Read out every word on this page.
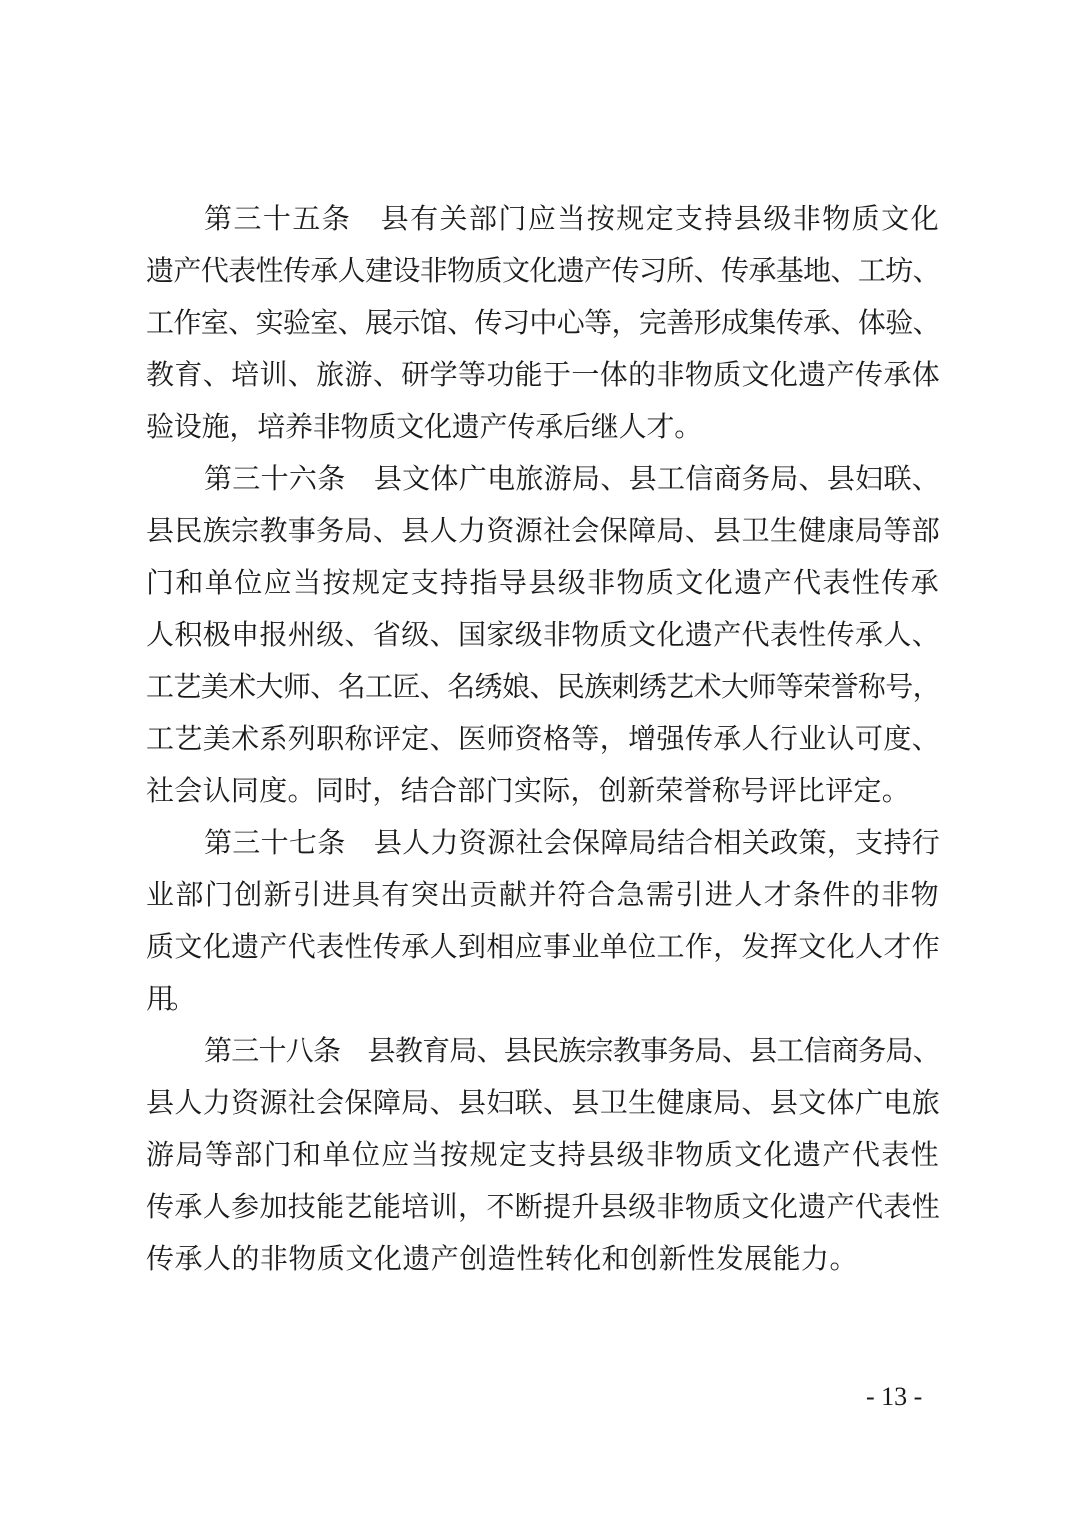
第三十五条　县有关部门应当按规定支持县级非物质文化
遗产代表性传承人建设非物质文化遗产传习所、传承基地、工坊、
工作室、实验室、展示馆、传习中心等，完善形成集传承、体验、
教育、培训、旅游、研学等功能于一体的非物质文化遗产传承体
验设施，培养非物质文化遗产传承后继人才。
第三十六条　县文体广电旅游局、县工信商务局、县妇联、
县民族宗教事务局、县人力资源社会保障局、县卫生健康局等部
门和单位应当按规定支持指导县级非物质文化遗产代表性传承
人积极申报州级、省级、国家级非物质文化遗产代表性传承人、
工艺美术大师、名工匠、名绣娘、民族刺绣艺术大师等荣誉称号，
工艺美术系列职称评定、医师资格等，增强传承人行业认可度、
社会认同度。同时，结合部门实际，创新荣誉称号评比评定。
第三十七条　县人力资源社会保障局结合相关政策，支持行
业部门创新引进具有突出贡献并符合急需引进人才条件的非物
质文化遗产代表性传承人到相应事业单位工作，发挥文化人才作
用。
第三十八条　县教育局、县民族宗教事务局、县工信商务局、
县人力资源社会保障局、县妇联、县卫生健康局、县文体广电旅
游局等部门和单位应当按规定支持县级非物质文化遗产代表性
传承人参加技能艺能培训，不断提升县级非物质文化遗产代表性
传承人的非物质文化遗产创造性转化和创新性发展能力。
- 13 -
